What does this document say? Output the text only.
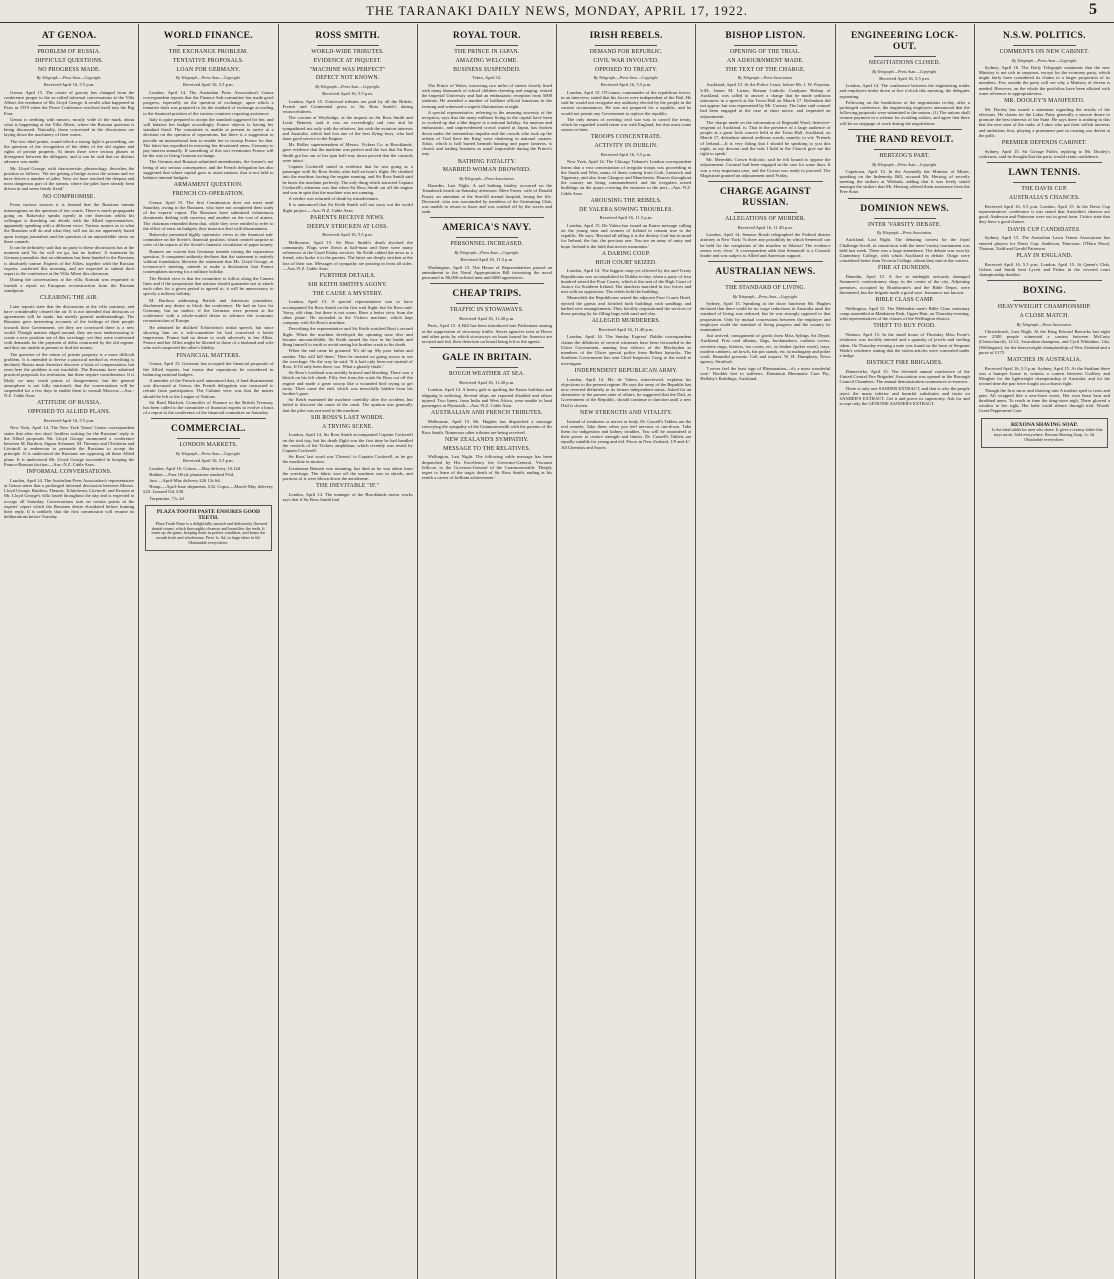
THE TARANAKI DAILY NEWS, MONDAY, APRIL 17, 1922.	5
AT GENOA.
PROBLEM OF RUSSIA.
DIFFICULT QUESTIONS.
NO PROGRESS MADE.
By Telegraph.—Press Assn.—Copyright.
Received April 16, 5.5 p.m.
Genoa, April 15. The centre of gravity has changed from the conference proper to the so-called informal conversations at the Villa Albert, the residence of Mr. Lloyd George. It recalls what happened in Paris in 1919 when the Peace Conference resolved itself into the Big Four.
Genoa is seething with rumors, mostly wide of the mark, about what is happening at the Villa Albert, where the Russian question is being discussed. Naturally, those concerned in the discussions are laying down the machinery of their wants.
The two chief points, round which a strong fight is proceeding, are the question of the recognition of the debts of the old regime and rights of private property. At times there were serious phases in divergence between the delegates, and it can be said that no distinct advance was made.
Mr. Lloyd George, with characteristic phraseology, describes the position as follows: 'We are getting a bridge across the stream and we have driven a number of piles. Now we have reached the deepest and most dangerous part of the stream, where the piles have already been driven in and seem firmly fixed.'
NO COMPROMISE.
From various sources it is learned that the Russians remain intransigeant on the question of law courts. There is much propaganda going on. Rakovsky speaks openly in one direction whilst his colleague is threshing out details with the Allied representatives, apparently speaking with a different voice. Various rumors as to what the Russians will do and what they will not do are apparently based upon foreign journalists and the question of an unjustifiable stress on these canards.
It can be definitely said that no party to these discussions has at the moment said 'So far will we go, but no further.' A statement by German journalists that an ultimatum has been handed to the Russians is absolutely untrue. Experts of the Allies, together with the Russian experts, conferred this morning, and are expected to submit their report to the conference at the Villa Albert this afternoon.
During the conversations at the villa, Krassin was requested to furnish a report on European reconstruction from the Russian standpoint.
CLEARING THE AIR.
Later reports state that the discussions at the villa continue, and have considerably cleared the air. It is not intended that decisions or agreements will be made, but merely general understandings. The Russians gave interesting accounts of the feelings of their people towards their Government, yet they are convinced there is a new world. Though matters edged around, they are now endeavouring to create a new position out of this wreckage, yet they were confronted with demands for the payment of debts contracted by the old regime, and they are unable at present to find the money.
The question of the return of private property is a more difficult problem. It is intended to devise a practical method as everything is declined. Russia must therefore discover a basis of compensation, but even here the problem is not insoluble. The Russians have admitted practical proposals for restitution, but these require consideration. It is likely we may reach points of disagreement, but the general atmosphere is not fully intricated, that the conversations will be suspended for a few days to enable them to consult Moscow.—Aus.-N.Z. Cable Assn.
ATTITUDE OF RUSSIA.
OPPOSED TO ALLIED PLANS.
Received April 16, 5.5 p.m.
New York, April 14. The New York Times' Genoa correspondent states that after two days' fruitless waiting for the Russians' reply to the Allied proposals Mr. Lloyd George summoned a conference between M. Barthou, Signor Schanzer, M. Theunys and Chicherin and Litvinoff to endeavour to persuade the Russians to accept the principle. It is understood the Russians are opposing all these Allied plans. It is understood Mr. Lloyd George succeeded in keeping the Franco-Russian friction.—Aus.-N.Z. Cable Assn.
INFORMAL CONVERSATIONS.
London, April 14. The Australian Press Association's representative at Genoa states that a prolonged informal discussion between Messrs. Lloyd George, Barthou, Theunis, Tchitcherin, Litvinoff, and Krassin at Mr. Lloyd George's villa lasted throughout the day and is expected to occupy all Saturday. Conversations turn on certain points in the experts' report which the Russians desire elucidated before framing their reply. It is unlikely that the first commission will resume its deliberations before Tuesday.
WORLD FINANCE.
THE EXCHANGE PROBLEM.
TENTATIVE PROPOSALS.
LOAN FOR GERMANY.
By Telegraph.—Press Assn.—Copyright.
Received April 16, 5.5 p.m.
London, April 14. The Australian Press Association's Genoa correspondent reports that the Finance Sub-committee has made good progress, especially on the question of exchange, upon which a tentative draft was prepared to fix the standard of exchange according to the financial position of the various countries requiring assistance.
Italy is quite prepared to accept the standard suggested for her, and will balance her budget accordingly. France objects to having her standard fixed. The committee is unable at present to arrive at a decision on the question of reparations, but there is a suggestion to provide an international loan to enable her to recoup France for that. The latter has expedited in restoring her devastated areas, Germany to pay interest annually. If something of this sort eventuates France will be the way to fixing German exchange.
The German and Russian submitted amendments, the former's not being of any serious consequence, and the French delegation has also suggested that where capital goes to assist nations, that is not held to balance internal budgets.
ARMAMENT QUESTION.
FRENCH CO-OPERATION.
Genoa, April 15. The first Commission does not meet until Saturday, owing to the Russians, who have not completed their study of the experts' report. The Russians have submitted voluminous documents dealing with currency and another on the cost of armies. The chairman reminded them that, while they were entitled to refer to the effect of arms on budgets, they must not deal with disarmament.
Rakovsky presented highly optimistic views to the financial sub-committee on the Soviet's financial position, which created surprise in view of the reports of the Soviet's fantastic circulation of paper money.
Rumors are current that Germany intends raising the reparations question. A competent authority declares that the statement is entirely without foundation; likewise the statement that Mr. Lloyd George, at to-morrow's meeting, intends to make a declaration that France contemplates moving for a military holiday.
The British view is that the committee to follow along the Cannes lines and if the proposition that nations should guarantee not to attack each other for a given period is agreed to, it will be unnecessary to specify a military holiday.
M. Barthou addressing British and American journalists, disclaimed any desire to block the conference. He had no love for Germany, but no malice, if the Germans were present at the conference with a whole-souled desire to advance the economic reconstruction of Europe.
He admitted he disliked Tchitcherin's initial speech, but since showing him on a sub-committee he had conceived a better impression. France had no desire to work adversely to her Allies. France and her Allies might be likened to those of a husband and wife who each suspected the other's fidelity.
FINANCIAL MATTERS.
Genoa, April 15. Germany has accepted the financial proposals of the Allied experts, but insists that reparations be considered in balancing national budgets.
A member of the French staff announced that, if land disarmament was discussed at Genoa, the French delegation was instructed to refrain from participation. The Cabinet view was that the matter should be left to the League of Nations.
Sir Basil Blackett, Controller of Finance to the British Treasury, has been called to the committee of financial experts to evolve a basis of a report to the conference of the financial committee on Saturday.
COMMERCIAL.
LONDON MARKETS.
By Telegraph.—Press Assn.—Copyright.
Received April 16, 5.5 p.m.
London, April 16. Cotton.—May delivery 10.12d.
Rubber.—Para 16¼d, plantation smoked 9¾d.
Jute.—April-May delivery £26 12s 6d.
Hemp.—April-June shipments, £32. Copra.—March-May delivery, £23. Linseed Oil, £38.
Turpentine, 71s 2d.
PLAZA TOOTH PASTE ENSURES GOOD TEETH.
Plaza Tooth Paste is a delightfully smooth and deliciously flavored dental cream, which thoroughly cleanses and beautifies the teeth. It tones up the gums, keeping them in perfect condition, and keeps the mouth fresh and wholesome. Price 1s. 6d. in large tubes in 6d. Obtainable everywhere.
ROSS SMITH.
WORLD-WIDE TRIBUTES.
EVIDENCE AT INQUEST.
"MACHINE WAS PERFECT"
DEFECT NOT KNOWN.
By Telegraph.—Press Assn.—Copyright.
Received April 16, 5.5 p.m.
London, April 15. Universal tributes are paid by all the British, French and Continental press to Sir Ross Smith's daring resourcefulness.
The coroner at Weybridge, at the inquest on Sir Ross Smith and Lieut. Bennett, said it was an exceedingly sad case and he sympathised not only with the relatives, but with the aviation interests and Australia, which had lost one of the best flying boys, who had done good service to the Empire.
Mr. Ridler, superintendent of Messrs. Vickers Co. at Brooklands, gave evidence that the machine was perfect and the fact that Sir Ross Smith got her out of her spin half-way down proved that the controls were intact.
Captain Cockerell stated in evidence that he was going as a passenger with Sir Ross Smith, after half an hour's flight. He climbed into the machine, having the engine running, and Sir Ross Smith said he knew the machine perfectly. The only thing which attracted Captain Cockerell's attention was that when Sir Ross Smith cut off the engine and was in spin that the machine was not running.
A verdict was returned of death by misadventure.
It is announced that Sir Keith Smith will not carry out the world flight project.—Aus.-N.Z. Cable Assn.
PARENTS RECEIVE NEWS.
DEEPLY STRICKEN AT LOSS.
Received April 16, 5.5 p.m.
Melbourne, April 15. Sir Ross Smith's death shocked the community. Flags were flown at half-mast and there were many references at the Good Friday services. Sir Keith cabled the news to a friend, who broke it to the parents. The latter are deeply stricken at the loss of their son. Messages of sympathy are pouring in from all sides.—Aus.-N.Z. Cable Assn.
FURTHER DETAILS.
SIR KEITH SMITH'S AGONY.
THE CAUSE A MYSTERY.
London, April 13. A special representative was to have accompanied Sir Ross Smith on the first trial flight, but Sir Ross said: 'Sorry, old chap, but there is not room. Have a better view from the other plane.' He ascended in the Vickers machine, which kept company with Sir Ross's machine.
Describing the representative and Sir Keith watched Ross's second flight. When the machine developed the spinning nose dive and became uncontrollable, Sir Keith turned his face in his hands and flung himself to earth to avoid seeing his brother crash to his death.
When the end came he groaned: 'It's all up. My poor father and mother. This will kill them.' Then he insisted on going across to see the wreckage. On the way he said: 'If it had only been me instead of Ross. If I'd only been there, too. What a ghastly finale.'
Sir Ross's forehead was terribly bruised and bleeding. There was a blotch on his left cheek. Fifty feet from the crash Sir Ross cut off the engine and made a great swoop like a wounded bird trying to get away. Then came the end, which was mercifully hidden from his brother's gaze.
Sir Keith examined the machine carefully after the accident, but failed to discover the cause of the crash. The opinion was generally that the pilot was not used to the machine.
SIR ROSS'S LAST WORDS.
A TRYING SCENE.
London, April 14. Sir Ross Smith accompanied Captain Cockerell on the trial trip, but his death flight was the first time he had handled the controls of the Vickers amphibian, which recently was tested by Captain Cockerell.
Sir Ross' last word was 'Cheerio' to Captain Cockerell, as he got the machine in motion.
Lieutenant Bennett was moaning, but died as he was taken from the wreckage. The fabric torn off the machine was in shreds, and portions of it were blown down the aerodrome.
THE INEVITABLE "IF."
London, April 14. The manager of the Brooklands motor works says that if Sir Ross Smith had
ROYAL TOUR.
THE PRINCE IN JAPAN.
AMAZING WELCOME.
BUSINESS SUSPENDED.
Tokio, April 12.
The Prince of Wales, traversing two miles of streets closely lined with many thousands of school children cheering and singing, visited the Imperial University and had an enthusiastic reception from 5000 students. He attended a number of brilliant official functions in the evening and witnessed a superb illumination at night.
A special representative, referring to the amazing sincerity of the reception, says that the many millions living in the capital have been so worked up that a like degree is a national holiday. An anxious and enthusiastic, and unprecedented crowd waited in Japan, has broken down under the tremendous impulse and the crowds who took up the refrain of 'God Save the King' were chattering in national custom. Tokio, which is half buried beneath bunting and paper lanterns, is closed, and trading 'business as usual' impossible during the Prince's stay.
BATHING FATALITY.
MARRIED WOMAN DROWNED.
By Telegraph.—Press Association.
Dunedin, Last Night. A sad bathing fatality occurred on the Tomahawk beach on Saturday afternoon. Mere Fraser, wife of Donald Fraser, an attendant at the Seacliff mental hospital, losing her life. Deceased, who was surrounded by members of the Swimming Club, was unable to return to shore and was washed off by the waves and sank.
AMERICA'S NAVY.
PERSONNEL INCREASED.
By Telegraph.—Press Assn.—Copyright.
Received April 16, 11.5 p.m.
Washington, April 15. The House of Representatives passed an amendment to the Naval Appropriation Bill increasing the naval personnel to 86,000 enlisted men and 6000 apprentices.
CHEAP TRIPS.
TRAFFIC IN STOWAWAYS.
Received April 16, 11.40 p.m.
Paris, April 15. A Bill has been introduced into Parliament aiming at the suppression of stowaway traffic. Secret agencies exist at Havre and other ports by which stowaways on boats bound for America are secured and fed, their detection on board being left to the agents.
GALE IN BRITAIN.
ROUGH WEATHER AT SEA.
Received April 16, 11.40 p.m.
London, April 14. A heavy gale is spoiling the Easter holidays and shipping is suffering. Several ships are reported disabled and others injured. Two liners, from India and West Africa, were unable to land passengers at Plymouth.—Aus.-N.Z. Cable Assn.
AUSTRALIAN AND FRENCH TRIBUTES.
Melbourne, April 15. Mr. Hughes has dispatched a message conveying the sympathy of the Commonwealth with the parents of Sir Ross Smith. Numerous other tributes are being received.
NEW ZEALAND'S SYMPATHY.
MESSAGE TO THE RELATIVES.
Wellington, Last Night. The following cable message has been despatched by His Excellency the Governor-General, Viscount Jellicoe, to the Governor-General of the Commonwealth: 'Deeply regret to learn of the tragic death of Sir Ross Smith, ending at his zenith a career of brilliant achievement.'
IRISH REBELS.
DEMAND FOR REPUBLIC.
CIVIL WAR INVOLVED.
OPPOSED TO TREATY.
By Telegraph.—Press Assn.—Copyright.
Received April 16, 5.5 p.m.
London, April 15. O'Connor, commander of the republican forces, in an interview, stated that his forces were independent of the Dail. He said he would not recognise any authority elected by the people in the current circumstances. He was not prepared for a republic, and he would not permit any Government to replace the republic.
The only means of averting civil war was to cancel the treaty, which he regarded would mean war with England, but that must come sooner or later.
TROOPS CONCENTRATE.
ACTIVITY IN DUBLIN.
Received April 16, 5.5 p.m.
New York, April 14. The Chicago Tribune's London correspondent learns that a vast concentration of irregular troops was proceeding in the South and West, many of them coming from Cork, Limerick and Tipperary, and also from Glasgow and Manchester. Houses throughout the country are being commandeered, and the irregulars seized buildings on the quays covering the entrance to the port.—Aus.-N.Z. Cable Assn.
AROUSING THE REBELS.
DE VALERA SOWING TROUBLES.
Received April 16, 11.5 p.m.
London, April 15. De Valera has issued an Easter message calling on the young men and women of Ireland to remain true to the republic. He says: 'Beyond all telling it is the destiny God has in mind for Ireland, the fair, the precious one. You are an army of unity and hope. Ireland is the faith that moves mountains.'
A DARING COUP.
HIGH COURT SEIZED.
London, April 14. The biggest coup yet effected by the anti-Treaty Republicans was accomplished in Dublin to-day, when a party of four hundred seized the Four Courts, which is the seat of the High Court of Justice for Southern Ireland. The attackers marched in two forces and met with no opposition. The rebels hold the building.
Meanwhile the Republicans seized the adjacent Four Courts Hotel, ejected the guests and fortified both buildings with sandbags and barbed wire entanglements. They forcibly requisitioned the services of those passing by for filling bags with sand and clay.
ALLEGED MURDERERS.
Received April 16, 11.40 p.m.
London, April 16. The Sunday Express' Dublin correspondent claims the dffidavits of several witnesses have been forwarded to the Ulster Government, naming four officers of the Macfayden as members of the Ulster special police from Belfast barracks. The Southern Government has sent Chief Inspector Craig to the north to investigate.
INDEPENDENT REPUBLICAN ARMY.
London, April 14. Mr. de Valera, interviewed, explains his objections to the present regime. He says the army of the Republic has now reverted definitely to its former independent status. Asked for an alternative to the present state of affairs, he suggested that the Dail, as Government of the Republic, should continue to function until a new Dail is chosen.
NEW STRENGTH AND VITALITY.
Instead of weakness or nerves or body, Dr. Cassell's Tablets are the real remedy. Take them when you feel nervous or run-down. Take them for indigestion and kidney troubles. You will be astonished at their power to restore strength and fitness. Dr. Cassell's Tablets are equally suitable for young and old. Prices in New Zealand, 1/9 and 4/-. All Chemists and Stores.
BISHOP LISTON.
OPENING OF THE TRIAL.
AN ADJOURNMENT MADE.
THE TEXT OF THE CHARGE.
By Telegraph.—Press Association.
Auckland, April 13. At the Police Court, before Mr. J. W. Poynton, S.M., James M. Liston, Roman Catholic Coadjutor Bishop of Auckland, was called to answer a charge that he made seditious utterances in a speech at the Town Hall on March 17. Defendant did not appear, but was represented by Mr. Cooney. The latter said counsel had been engaged in the case at short notice, and requested an adjournment.
The charge made on the information of Reginald Ward, detective-sergeant of Auckland, is: That in the presence of a large audience of people at a great Irish concert held at the Town Hall, Auckland, on March 17, defendant uttered seditious words, namely, to wit: 'Friends of Ireland.—It is very fitting that I should be speaking to you this night, as my descent and the task I hold in the Church give me the right to speak.'
Mr. Meredith, Crown Solicitor, said he felt bound to oppose the adjournment. Counsel had been engaged in the case for some days. It was a very important case, and the Crown was ready to proceed. The Magistrate granted an adjournment until Friday.
CHARGE AGAINST RUSSIAN.
ALLEGATIONS OF MURDER.
Received April 16, 11.40 p.m.
London, April 14. Senator Borah telegraphed the Federal district attorney at New York: 'Is there any possibility by which Semenoff can be held for the complaints of the murders in Siberia? The evidence seems very clear.' A correspondent adds that Semenoff is a Cossack leader and was subject to Allied and American support.
AUSTRALIAN NEWS.
THE STANDARD OF LIVING.
By Telegraph.—Press Assn.—Copyright.
Sydney, April 15. Speaking at the show luncheon Mr. Hughes declared that there could be no wage reductions in Australia until the standard of living was reduced, but he was strongly opposed to that proposition. Only by mutual concessions between the employer and employee could the standard of living progress and the country be maintained.
Just arrived, consignment of goods from Miss Aylings Art Depot, Auckland. Post card albums, flags, bookmarkers, cushion covers, serviette rings, blotters, tea cosies, etc. in leather (poker work), trays, modern cabinets, art bowls, hat pin stands, etc. in mahogany and poker work. Beautiful presents. Call and inspect. W. H. Dumphrey, News agency, Stratford.
'I never feel the least sign of Rheumatism—it's a most wonderful cure.' Booklet free to sufferers. Dominion Rheumatic Cure Pty., Hellaby's Buildings, Auckland.
ENGINEERING LOCK-OUT.
NEGOTIATIONS CLOSED.
By Telegraph.—Press Assn.—Copyright.
Received April 16, 5.5 p.m.
London, April 14. The conference between the engineering trades and employers broke down at five o'clock this morning, the delegates separating.
Following on the breakdown of the negotiations to-day, after a prolonged conference, the engineering employers announced that the following proposals were submitted to the unions: (1) The unions shall resume payment in a scheme for avoiding strikes, and agree that there will be no stoppage of work during the negotiations.
THE RAND REVOLT.
HERTZOG'S PART.
By Telegraph.—Press Assn.—Copyright.
Capetown, April 13. In the Assembly the Minister of Mines, speaking on the Indemnity Bill, accused Mr. Hertzog of secretly meeting the strikers at Witbank, adding that it was freely stated amongst the strikers that Mr. Hertzog offered them assistance from the Free State.
DOMINION NEWS.
INTER 'VARSITY DEBATE.
By Telegraph.—Press Association.
Auckland, Last Night. The debating contest for the Joynt Challenge Scroll, in connection with the inter-'varsity tournament was held last week. There was a large attendance. The debate was won by Canterbury College, with which Auckland in debate. Otago were considered better than Victoria College, whom they met in the contest.
FIRE AT DUNEDIN.
Dunedin, April 15. A fire at midnight seriously damaged Sommers's confectionery shop, in the centre of the city. Adjoining premises, occupied by Braithwaite's and the Bible Depot, were threatened, but the brigade made a good save. Insurance not known.
BIBLE CLASS CAMP.
Wellington, April 15. The Methodist men's Bible Class centenary camp assembled at Maidstone Park, Upper Hutt, on Thursday evening, with representatives of the classes of the Wellington district.
THEFT TO BUY FOOD.
Waitara, April 15. In the small hours of Thursday Miss Foote's residence was forcibly entered and a quantity of jewels and sterling taken. On Thursday evening a note was found on the lawn of Sergeant Wade's residence stating that the stolen articles were concealed under a hedge.
DISTRICT FIRE BRIGADES.
Dannevirke, April 15. The eleventh annual conference of the United Central Fire Brigades' Association was opened in the Borough Council Chambers. The annual demonstration commences to-morrow.
There is only one SANDER EXTRACT, and that is why the people reject the many inferior and harmful substitutes and insist on SANDER'S EXTRACT. Get it and prove its superiority. Ask for and accept only the GENUINE SANDER'S EXTRACT.
N.S.W. POLITICS.
COMMENTS ON NEW CABINET.
By Telegraph.—Press Assn.—Copyright.
Sydney, April 16. The Daily Telegraph comments that the new Ministry is not rich in surprises, except for the economy party, which might fairly have considered its claims to a larger proportion of its members. Few outside the party will see why a Ministry of eleven is needed. However, on the whole the portfolios have been allotted with some reference to appropriateness.
MR. DOOLEY'S MANIFESTO.
Mr. Dooley has issued a statement regarding the results of the elections. He claims for the Labor Party generally a sincere desire to promote the best interests of the State. He says there is nothing in this that the new men of the ranks of Labor who put their selfish interests and ambitions first, playing a prominent part in causing our defeat at the polls.
PREMIER DEFENDS CABINET.
Sydney, April 15. Sir George Fuller, replying to Mr. Dooley's criticisms, said he thought that the party would retain confidence.
LAWN TENNIS.
THE DAVIS CUP.
AUSTRALIA'S CHANCES.
Received April 16, 5.5 p.m. London, April 15. In the Davis Cup representatives' conference it was stated that Australia's chances are good. Anderson and Patterson were out in great form. Critics state that they have a good chance.
DAVIS CUP CANDIDATES.
Sydney, April 15. The Australian Lawn Tennis Association has entered players for Davis Cup: Anderson, Patterson, O'Hara Wood, Thomas, Todd and Gerald Patterson.
PLAY IN ENGLAND.
Received April 16, 5.5 p.m. London, April 15. At Queen's Club, Gobert and Smith beat Lycett and Fisher in the covered court championship doubles.
BOXING.
HEAVYWEIGHT CHAMPIONSHIP.
A CLOSE MATCH.
By Telegraph.—Press Association.
Christchurch, Last Night. At the King Edward Barracks last night over 2500 people witnessed a contest between McCarty (Christchurch), 12.12, Australian champion, and Cyril Whittaker, 14st, (Wellington), for the heavyweight championship of New Zealand and a purse of £175.
MATCHES IN AUSTRALIA.
Received April 16, 5.5 p.m. Sydney, April 15. At the Stadium there was a bumper house to witness a contest between Godfrey and Meagher for the lightweight championship of Australia, and for the second time the pair have fought out a drawn fight.
Though the first snow and thawing rain A mother sped to tears and pain. All wrapped like a new-born sweet, Her own heart beat and throbbed anew. To reach in time the drug-store nigh, There glowed a window to her sight, Her babe could silence through trial, Woods' Great Peppermint Cure.
REXONA SHAVING SOAP.
Is the ideal tablet for men who shave. It gives a creamy lather that stays moist. Sold everywhere. Rexona Shaving Soap, 1s. 3d. Obtainable everywhere.
